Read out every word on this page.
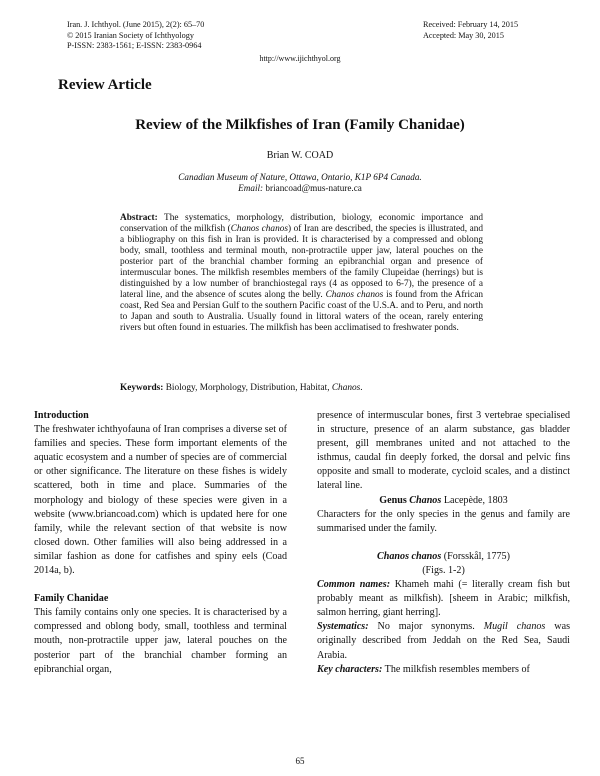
Iran. J. Ichthyol. (June 2015), 2(2): 65–70
© 2015 Iranian Society of Ichthyology
P-ISSN: 2383-1561; E-ISSN: 2383-0964
Received: February 14, 2015
Accepted: May 30, 2015
http://www.ijichthyol.org
Review Article
Review of the Milkfishes of Iran (Family Chanidae)
Brian W. COAD
Canadian Museum of Nature, Ottawa, Ontario, K1P 6P4 Canada.
Email: briancoad@mus-nature.ca
Abstract: The systematics, morphology, distribution, biology, economic importance and conservation of the milkfish (Chanos chanos) of Iran are described, the species is illustrated, and a bibliography on this fish in Iran is provided. It is characterised by a compressed and oblong body, small, toothless and terminal mouth, non-protractile upper jaw, lateral pouches on the posterior part of the branchial chamber forming an epibranchial organ and presence of intermuscular bones. The milkfish resembles members of the family Clupeidae (herrings) but is distinguished by a low number of branchiostegal rays (4 as opposed to 6-7), the presence of a lateral line, and the absence of scutes along the belly. Chanos chanos is found from the African coast, Red Sea and Persian Gulf to the southern Pacific coast of the U.S.A. and to Peru, and north to Japan and south to Australia. Usually found in littoral waters of the ocean, rarely entering rivers but often found in estuaries. The milkfish has been acclimatised to freshwater ponds.
Keywords: Biology, Morphology, Distribution, Habitat, Chanos.
Introduction
The freshwater ichthyofauna of Iran comprises a diverse set of families and species. These form important elements of the aquatic ecosystem and a number of species are of commercial or other significance. The literature on these fishes is widely scattered, both in time and place. Summaries of the morphology and biology of these species were given in a website (www.briancoad.com) which is updated here for one family, while the relevant section of that website is now closed down. Other families will also being addressed in a similar fashion as done for catfishes and spiny eels (Coad 2014a, b).
Family Chanidae
This family contains only one species. It is characterised by a compressed and oblong body, small, toothless and terminal mouth, non-protractile upper jaw, lateral pouches on the posterior part of the branchial chamber forming an epibranchial organ,
presence of intermuscular bones, first 3 vertebrae specialised in structure, presence of an alarm substance, gas bladder present, gill membranes united and not attached to the isthmus, caudal fin deeply forked, the dorsal and pelvic fins opposite and small to moderate, cycloid scales, and a distinct lateral line.
Genus Chanos Lacepède, 1803
Characters for the only species in the genus and family are summarised under the family.
Chanos chanos (Forsskål, 1775)
(Figs. 1-2)
Common names: Khameh mahi (= literally cream fish but probably meant as milkfish). [sheem in Arabic; milkfish, salmon herring, giant herring].
Systematics: No major synonyms. Mugil chanos was originally described from Jeddah on the Red Sea, Saudi Arabia.
Key characters: The milkfish resembles members of
65
